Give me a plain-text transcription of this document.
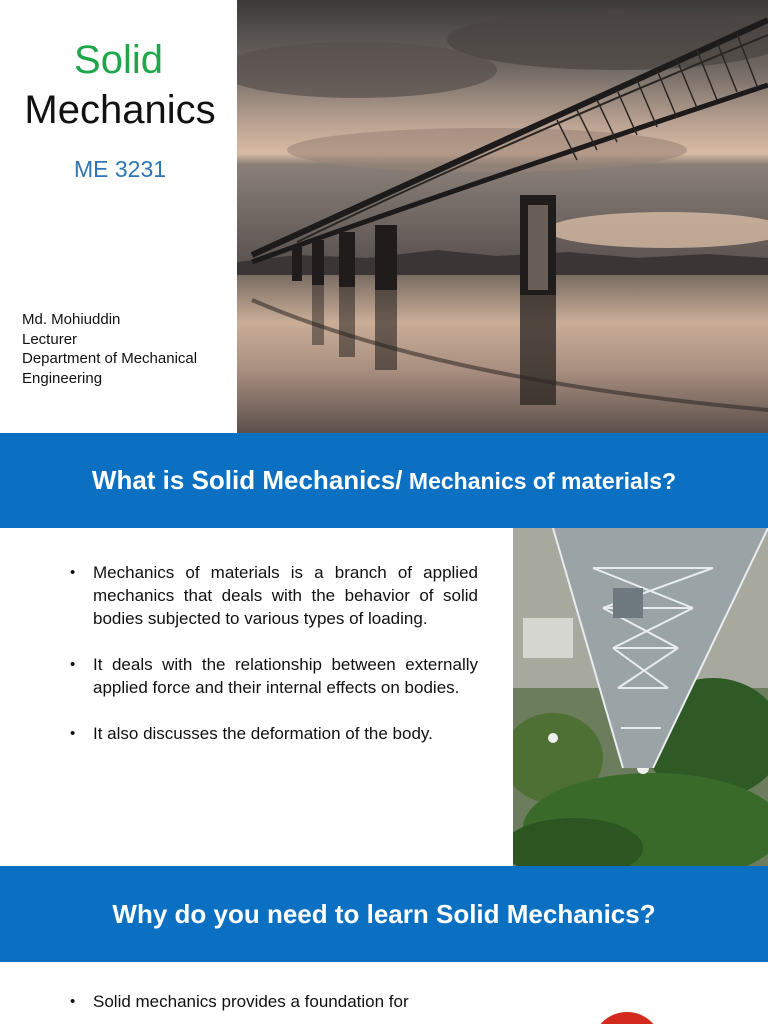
Solid
Mechanics
ME 3231
Md. Mohiuddin
Lecturer
Department of Mechanical
Engineering
What is Solid Mechanics/ Mechanics of materials?
• Mechanics of materials is a branch of applied mechanics that deals with the behavior of solid bodies subjected to various types of loading.
• It deals with the relationship between externally applied force and their internal effects on bodies.
• It also discusses the deformation of the body.
Why do you need to learn Solid Mechanics?
• Solid mechanics provides a foundation for
